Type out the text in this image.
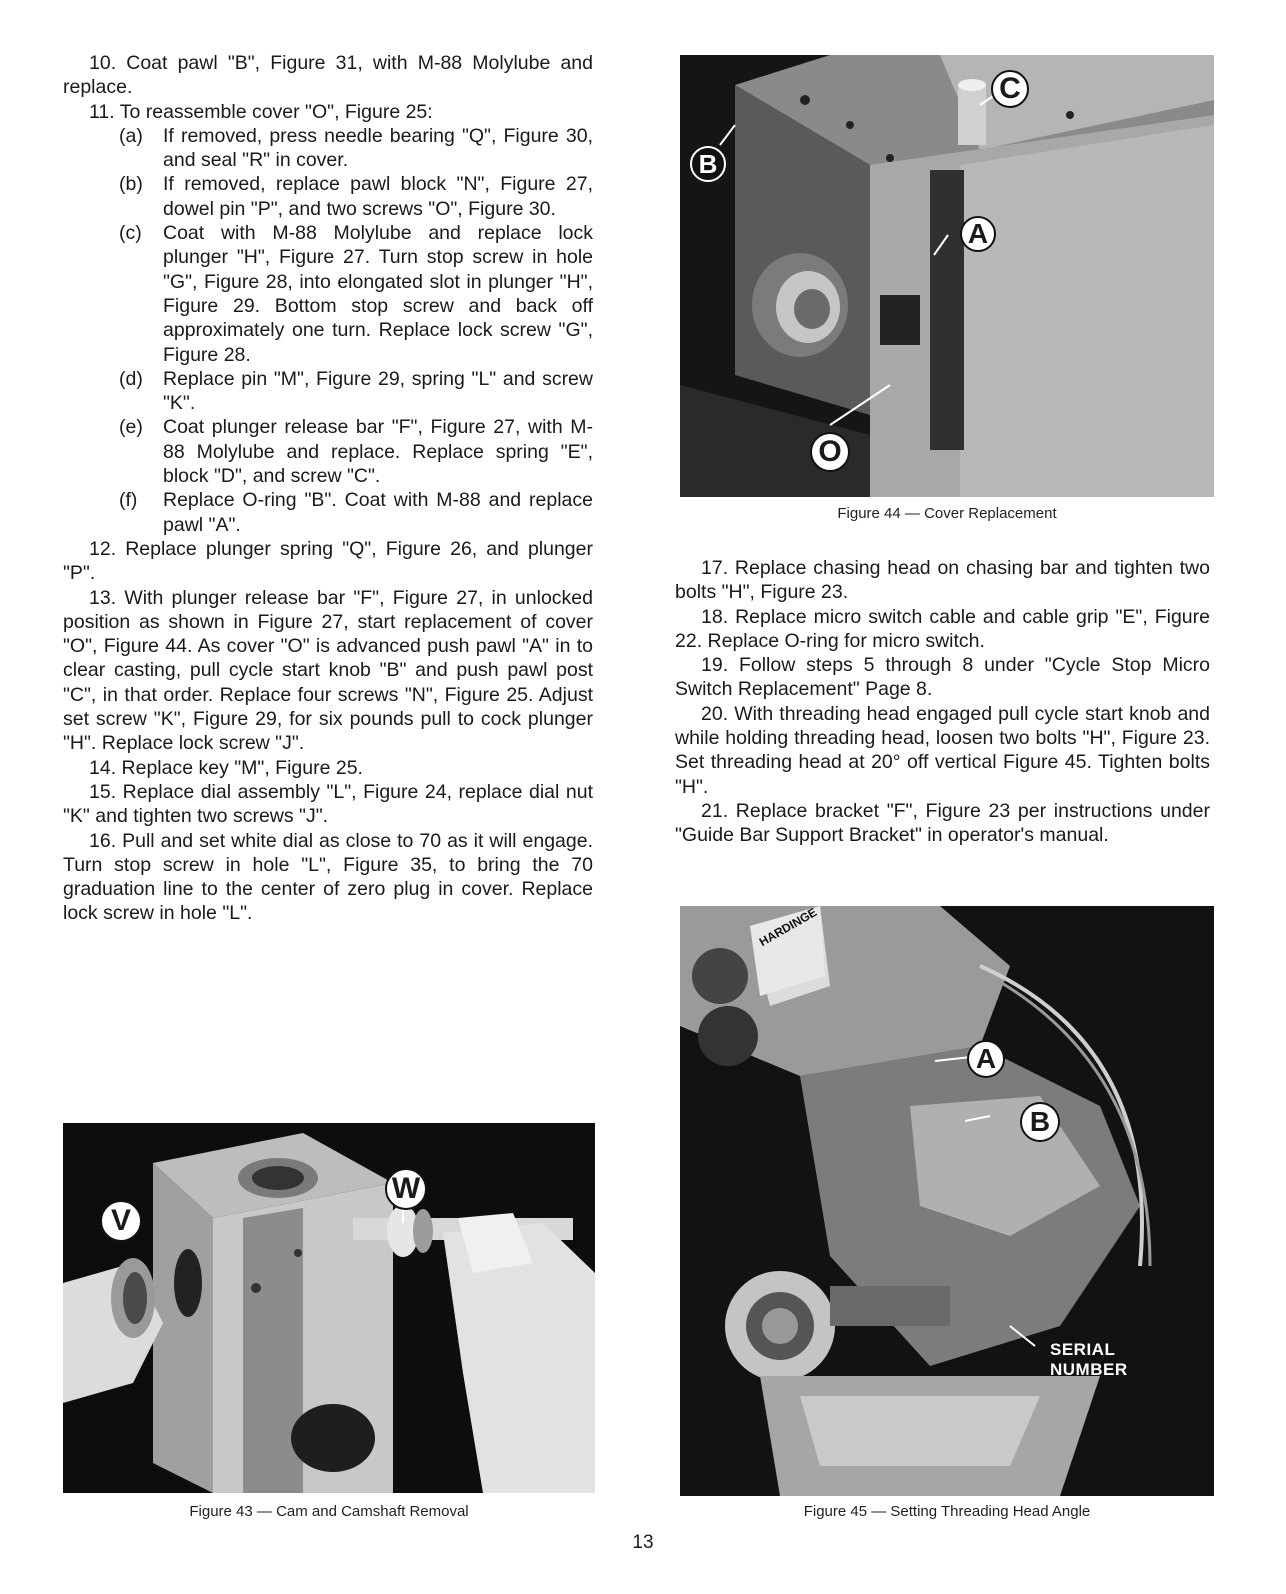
10. Coat pawl "B", Figure 31, with M-88 Molylube and replace.

11. To reassemble cover "O", Figure 25:

(a)	If removed, press needle bearing "Q", Figure 30, and seal "R" in cover.
(b)	If removed, replace pawl block "N", Figure 27, dowel pin "P", and two screws "O", Figure 30.
(c)	Coat with M-88 Molylube and replace lock plunger "H", Figure 27. Turn stop screw in hole "G", Figure 28, into elongated slot in plunger "H", Figure 29. Bottom stop screw and back off approximately one turn. Replace lock screw "G", Figure 28.
(d)	Replace pin "M", Figure 29, spring "L" and screw "K".
(e)	Coat plunger release bar "F", Figure 27, with M-88 Molylube and replace. Replace spring "E", block "D", and screw "C".
(f)	Replace O-ring "B". Coat with M-88 and replace pawl "A".

12. Replace plunger spring "Q", Figure 26, and plunger "P".

13. With plunger release bar "F", Figure 27, in unlocked position as shown in Figure 27, start replacement of cover "O", Figure 44. As cover "O" is advanced push pawl "A" in to clear casting, pull cycle start knob "B" and push pawl post "C", in that order. Replace four screws "N", Figure 25. Adjust set screw "K", Figure 29, for six pounds pull to cock plunger "H". Replace lock screw "J".

14. Replace key "M", Figure 25.

15. Replace dial assembly "L", Figure 24, replace dial nut "K" and tighten two screws "J".

16. Pull and set white dial as close to 70 as it will engage. Turn stop screw in hole "L", Figure 35, to bring the 70 graduation line to the center of zero plug in cover. Replace lock screw in hole "L".

17. Replace chasing head on chasing bar and tighten two bolts "H", Figure 23.

18. Replace micro switch cable and cable grip "E", Figure 22. Replace O-ring for micro switch.

19. Follow steps 5 through 8 under "Cycle Stop Micro Switch Replacement" Page 8.

20. With threading head engaged pull cycle start knob and while holding threading head, loosen two bolts "H", Figure 23. Set threading head at 20° off vertical Figure 45. Tighten bolts "H".

21. Replace bracket "F", Figure 23 per instructions under "Guide Bar Support Bracket" in operator's manual.

C
B
A
O
Figure 44 — Cover Replacement
V
W
Figure 43 — Cam and Camshaft Removal
HARDINGE
A
B
SERIAL
NUMBER
Figure 45 — Setting Threading Head Angle
13
